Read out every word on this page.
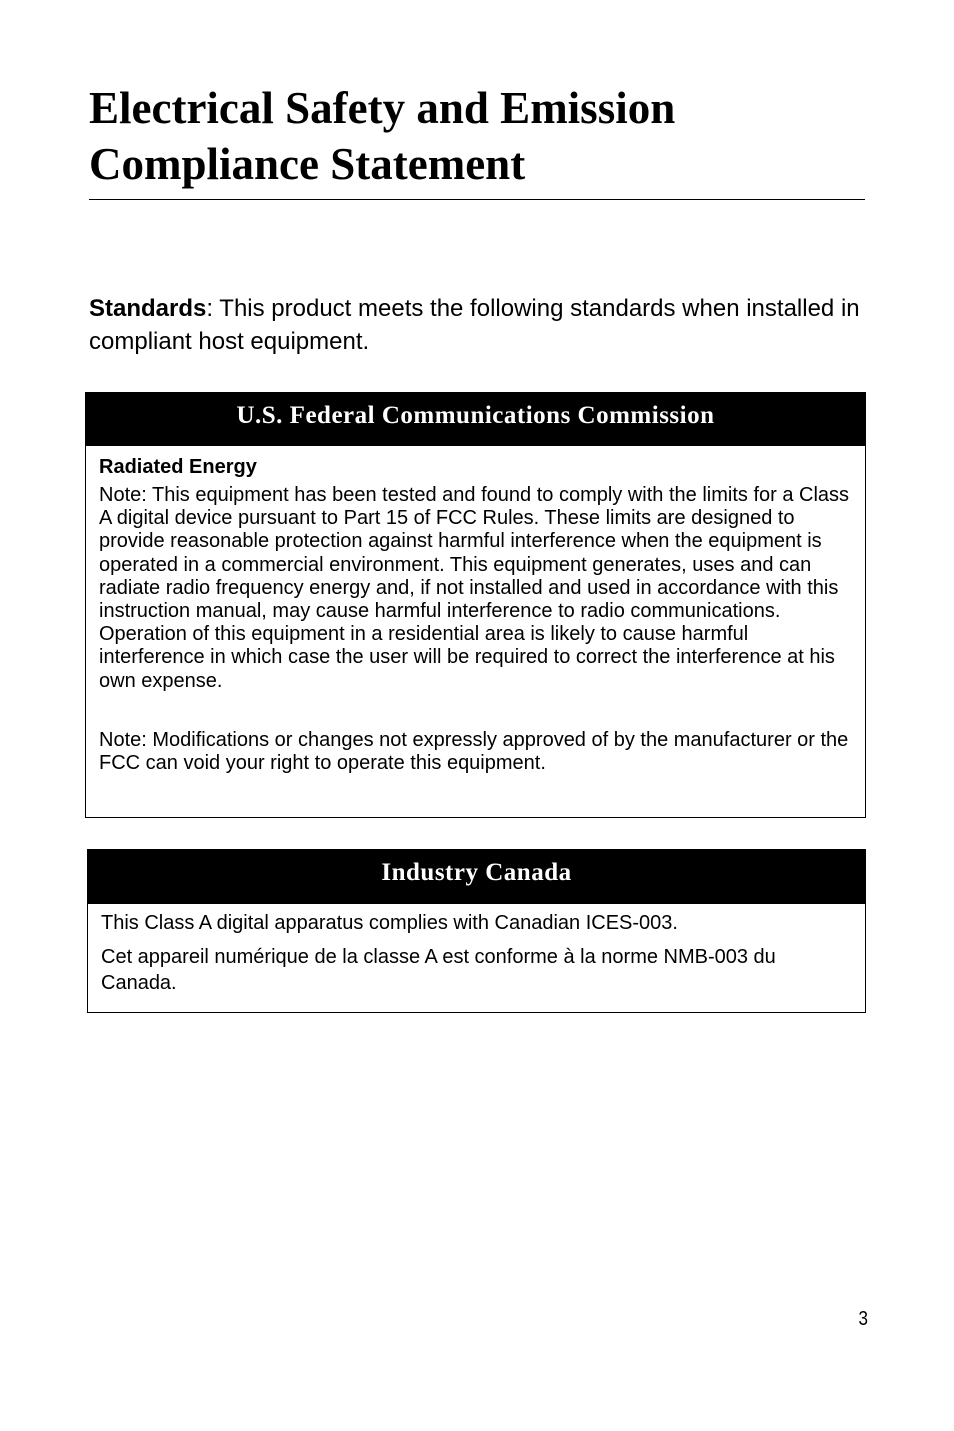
Electrical Safety and Emission Compliance Statement

Standards: This product meets the following standards when installed in compliant host equipment.

U.S. Federal Communications Commission

Radiated Energy

Note: This equipment has been tested and found to comply with the limits for a Class A digital device pursuant to Part 15 of FCC Rules. These limits are designed to provide reasonable protection against harmful interference when the equipment is operated in a commercial environment. This equipment generates, uses and can radiate radio frequency energy and, if not installed and used in accordance with this instruction manual, may cause harmful interference to radio communications. Operation of this equipment in a residential area is likely to cause harmful interference in which case the user will be required to correct the interference at his own expense.

Note: Modifications or changes not expressly approved of by the manufacturer or the FCC can void your right to operate this equipment.

Industry Canada

This Class A digital apparatus complies with Canadian ICES-003.

Cet appareil numérique de la classe A est conforme à la norme NMB-003 du Canada.

3
